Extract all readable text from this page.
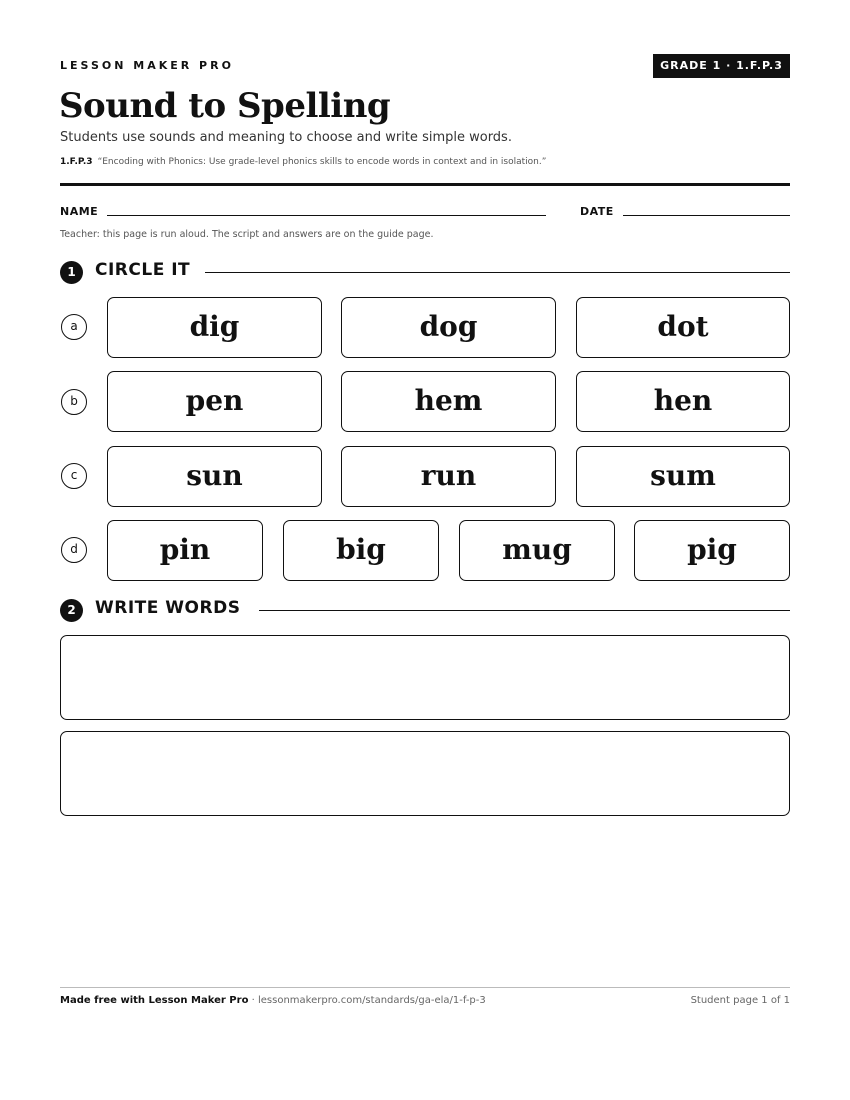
LESSON MAKER PRO	GRADE 1 · 1.F.P.3
Sound to Spelling
Students use sounds and meaning to choose and write simple words.
1.F.P.3 “Encoding with Phonics: Use grade-level phonics skills to encode words in context and in isolation.”
NAME	DATE
Teacher: this page is run aloud. The script and answers are on the guide page.
1	CIRCLE IT
a	dig	dog	dot
b	pen	hem	hen
c	sun	run	sum
d	pin	big	mug	pig
2	WRITE WORDS
Made free with Lesson Maker Pro · lessonmakerpro.com/standards/ga-ela/1-f-p-3	Student page 1 of 1
